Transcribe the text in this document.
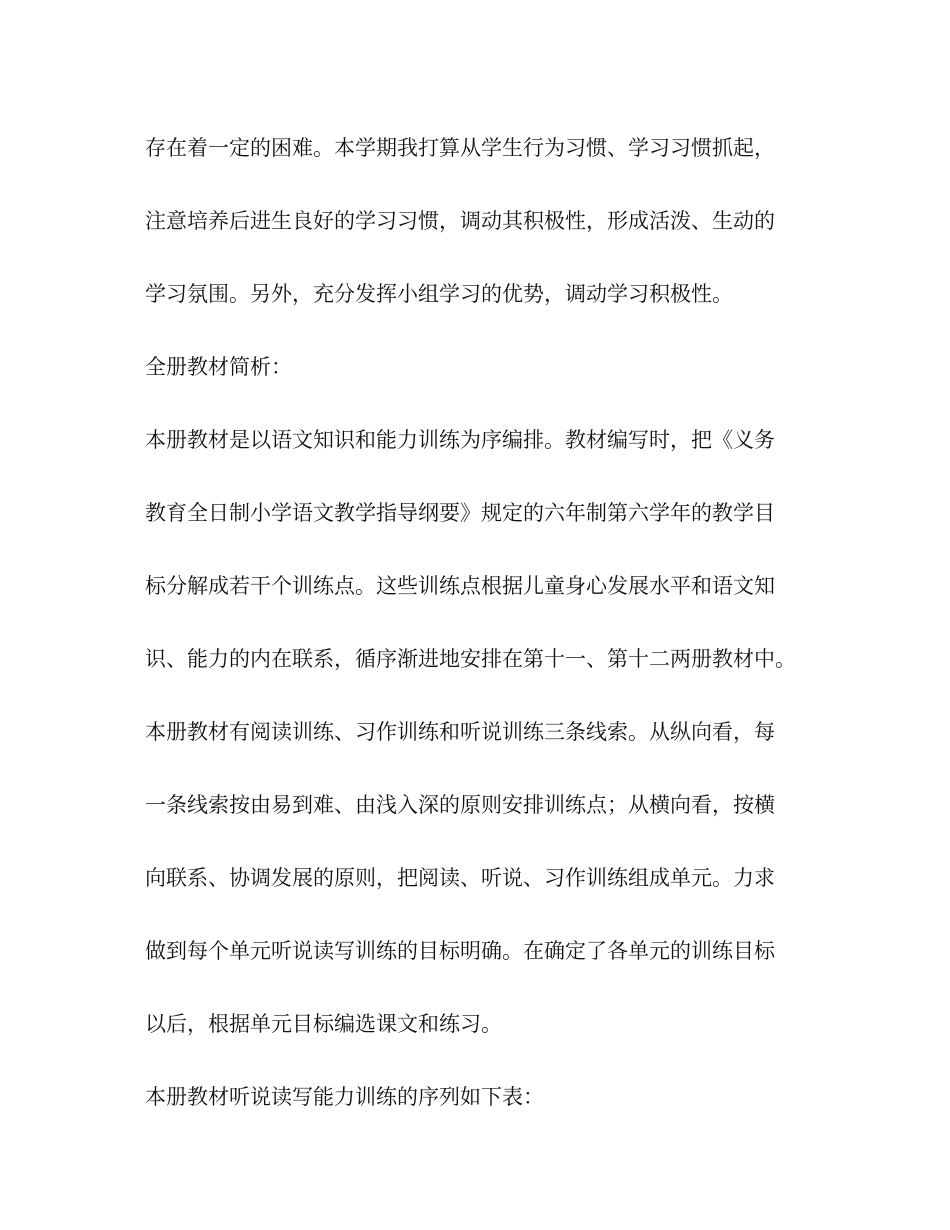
存在着一定的困难。本学期我打算从学生行为习惯、学习习惯抓起，
注意培养后进生良好的学习习惯，调动其积极性，形成活泼、生动的
学习氛围。另外，充分发挥小组学习的优势，调动学习积极性。
全册教材简析：
本册教材是以语文知识和能力训练为序编排。教材编写时，把《义务
教育全日制小学语文教学指导纲要》规定的六年制第六学年的教学目
标分解成若干个训练点。这些训练点根据儿童身心发展水平和语文知
识、能力的内在联系，循序渐进地安排在第十一、第十二两册教材中。
本册教材有阅读训练、习作训练和听说训练三条线索。从纵向看，每
一条线索按由易到难、由浅入深的原则安排训练点；从横向看，按横
向联系、协调发展的原则，把阅读、听说、习作训练组成单元。力求
做到每个单元听说读写训练的目标明确。在确定了各单元的训练目标
以后，根据单元目标编选课文和练习。
本册教材听说读写能力训练的序列如下表：
